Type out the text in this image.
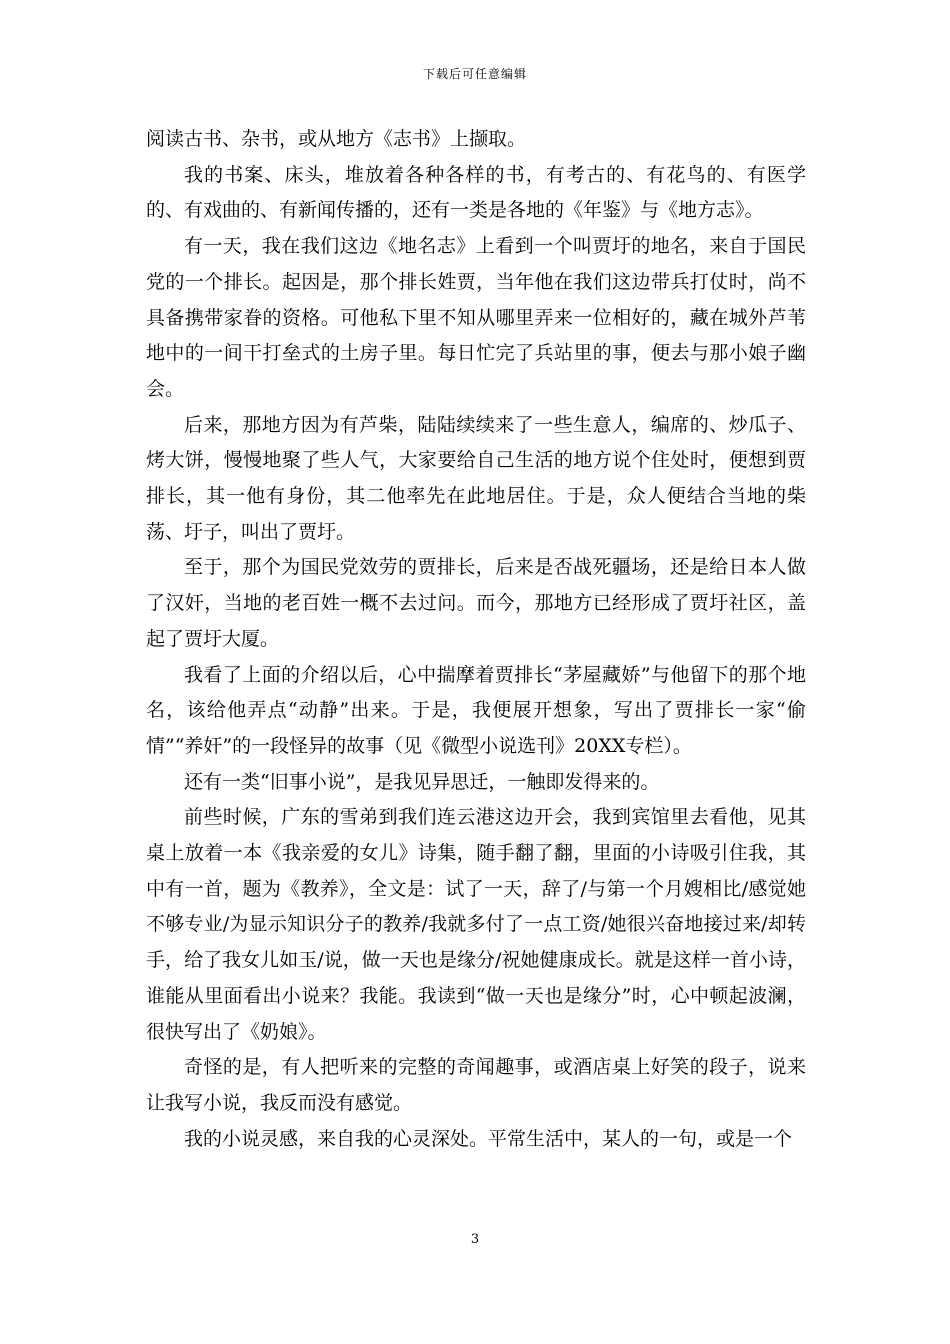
下载后可任意编辑

阅读古书、杂书，或从地方《志书》上撷取。

我的书案、床头，堆放着各种各样的书，有考古的、有花鸟的、有医学的、有戏曲的、有新闻传播的，还有一类是各地的《年鉴》与《地方志》。

有一天，我在我们这边《地名志》上看到一个叫贾圩的地名，来自于国民党的一个排长。起因是，那个排长姓贾，当年他在我们这边带兵打仗时，尚不具备携带家眷的资格。可他私下里不知从哪里弄来一位相好的，藏在城外芦苇地中的一间干打垒式的土房子里。每日忙完了兵站里的事，便去与那小娘子幽会。

后来，那地方因为有芦柴，陆陆续续来了一些生意人，编席的、炒瓜子、烤大饼，慢慢地聚了些人气，大家要给自己生活的地方说个住处时，便想到贾排长，其一他有身份，其二他率先在此地居住。于是，众人便结合当地的柴荡、圩子，叫出了贾圩。

至于，那个为国民党效劳的贾排长，后来是否战死疆场，还是给日本人做了汉奸，当地的老百姓一概不去过问。而今，那地方已经形成了贾圩社区，盖起了贾圩大厦。

我看了上面的介绍以后，心中揣摩着贾排长“茅屋藏娇”与他留下的那个地名，该给他弄点“动静”出来。于是，我便展开想象，写出了贾排长一家“偷情”“养奸”的一段怪异的故事（见《微型小说选刊》20XX专栏）。

还有一类“旧事小说”，是我见异思迁，一触即发得来的。

前些时候，广东的雪弟到我们连云港这边开会，我到宾馆里去看他，见其桌上放着一本《我亲爱的女儿》诗集，随手翻了翻，里面的小诗吸引住我，其中有一首，题为《教养》，全文是：试了一天，辞了/与第一个月嫂相比/感觉她不够专业/为显示知识分子的教养/我就多付了一点工资/她很兴奋地接过来/却转手，给了我女儿如玉/说，做一天也是缘分/祝她健康成长。就是这样一首小诗，谁能从里面看出小说来？我能。我读到“做一天也是缘分”时，心中顿起波澜，很快写出了《奶娘》。

奇怪的是，有人把听来的完整的奇闻趣事，或酒店桌上好笑的段子，说来让我写小说，我反而没有感觉。

我的小说灵感，来自我的心灵深处。平常生活中，某人的一句，或是一个

3
